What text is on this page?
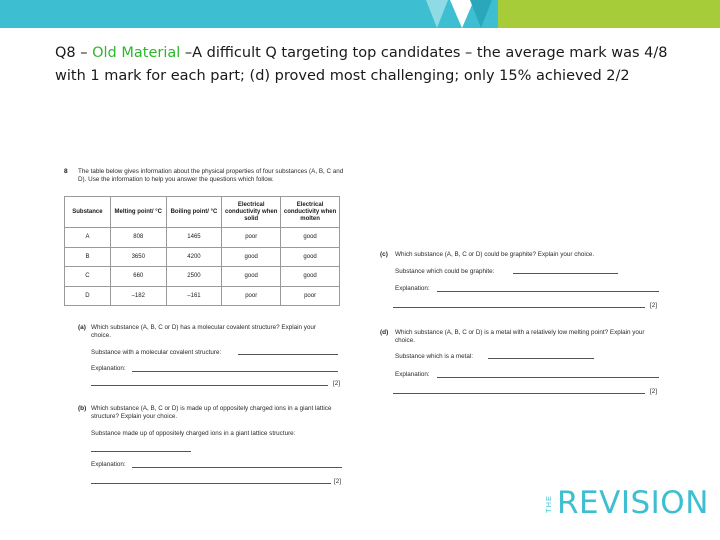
Q8 – Old Material –A difficult Q targeting top candidates – the average mark was 4/8 with 1 mark for each part; (d) proved most challenging; only 15% achieved 2/2
8 The table below gives information about the physical properties of four substances (A, B, C and D). Use the information to help you answer the questions which follow.
Substance	Melting point/ °C	Boiling point/ °C	Electrical conductivity when solid	Electrical conductivity when molten
A	808	1465	poor	good
B	3650	4200	good	good
C	660	2500	good	good
D	–182	–161	poor	poor
(a) Which substance (A, B, C or D) has a molecular covalent structure? Explain your choice.
Substance with a molecular covalent structure:
Explanation:
[2]
(b) Which substance (A, B, C or D) is made up of oppositely charged ions in a giant lattice structure? Explain your choice.
Substance made up of oppositely charged ions in a giant lattice structure:
Explanation:
[2]
(c) Which substance (A, B, C or D) could be graphite? Explain your choice.
Substance which could be graphite:
Explanation:
[2]
(d) Which substance (A, B, C or D) is a metal with a relatively low melting point? Explain your choice.
Substance which is a metal:
Explanation:
[2]
THE REVISION
